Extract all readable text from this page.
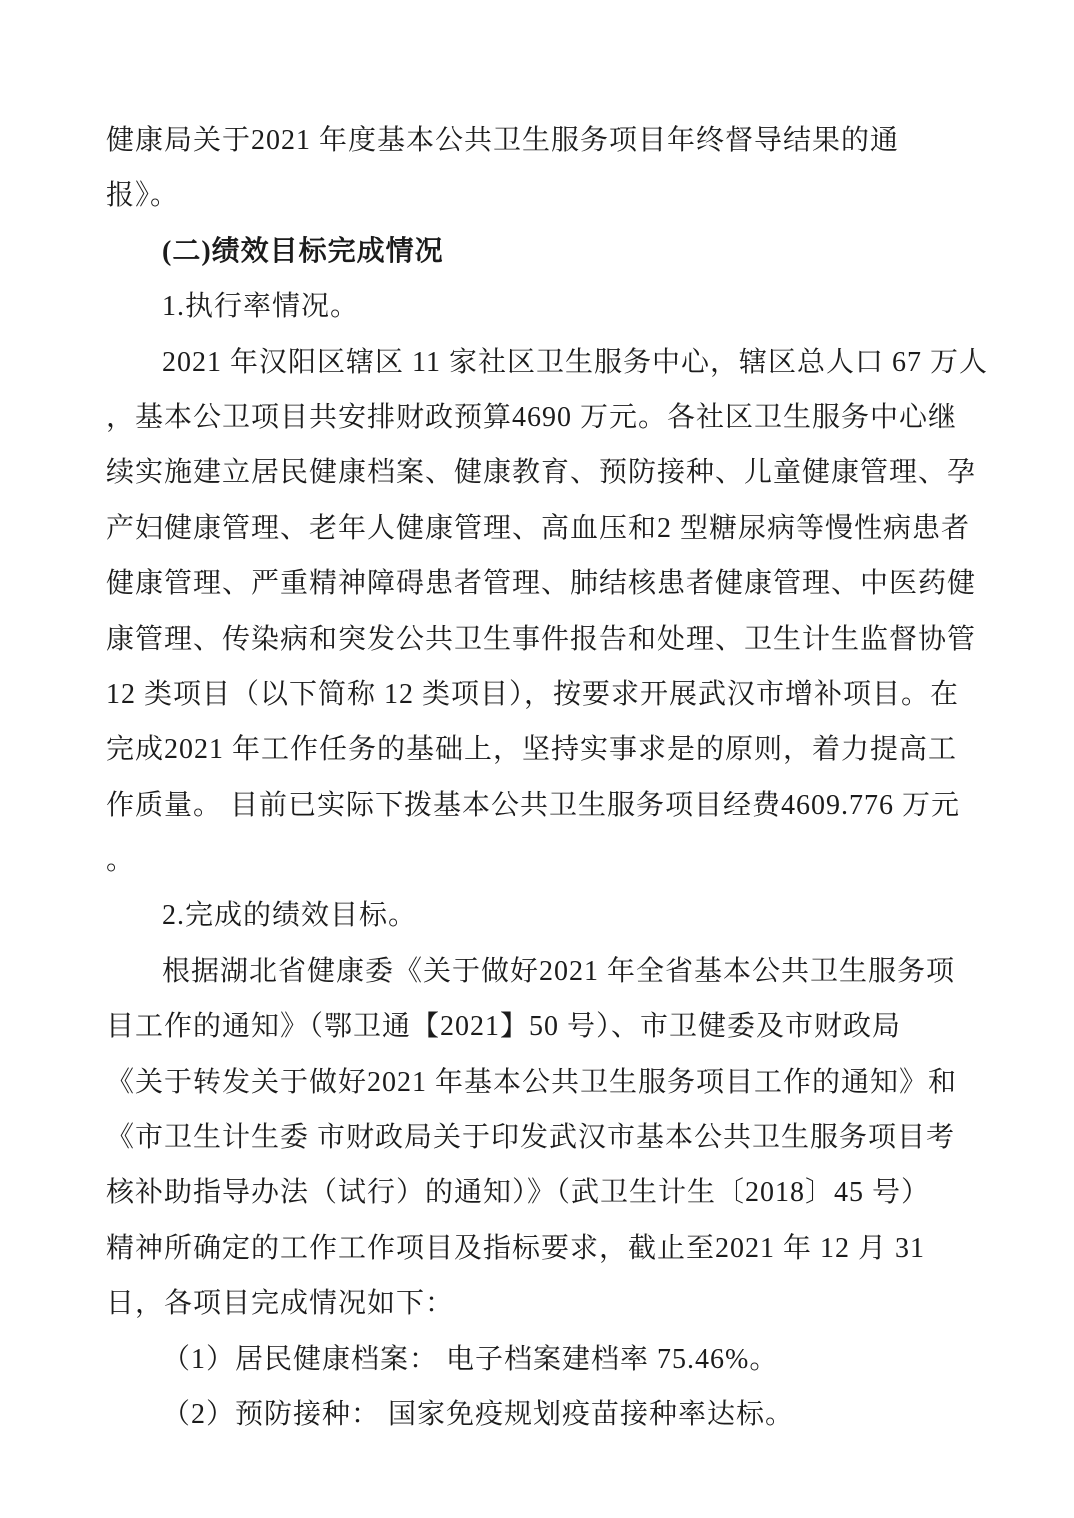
健康局关于2021 年度基本公共卫生服务项目年终督导结果的通
报》。
(二)绩效目标完成情况
1.执行率情况。
2021 年汉阳区辖区 11 家社区卫生服务中心，辖区总人口 67 万人
，基本公卫项目共安排财政预算4690 万元。各社区卫生服务中心继
续实施建立居民健康档案、健康教育、预防接种、儿童健康管理、孕
产妇健康管理、老年人健康管理、高血压和2 型糖尿病等慢性病患者
健康管理、严重精神障碍患者管理、肺结核患者健康管理、中医药健
康管理、传染病和突发公共卫生事件报告和处理、卫生计生监督协管
12 类项目（以下简称 12 类项目），按要求开展武汉市增补项目。在
完成2021 年工作任务的基础上，坚持实事求是的原则，着力提高工
作质量。 目前已实际下拨基本公共卫生服务项目经费4609.776 万元
。
2.完成的绩效目标。
根据湖北省健康委《关于做好2021 年全省基本公共卫生服务项
目工作的通知》（鄂卫通【2021】50 号）、市卫健委及市财政局
《关于转发关于做好2021 年基本公共卫生服务项目工作的通知》和
《市卫生计生委 市财政局关于印发武汉市基本公共卫生服务项目考
核补助指导办法（试行）的通知）》（武卫生计生〔2018〕45 号）
精神所确定的工作工作项目及指标要求，截止至2021 年 12 月 31
日，各项目完成情况如下：
（1）居民健康档案： 电子档案建档率 75.46%。
（2）预防接种： 国家免疫规划疫苗接种率达标。
